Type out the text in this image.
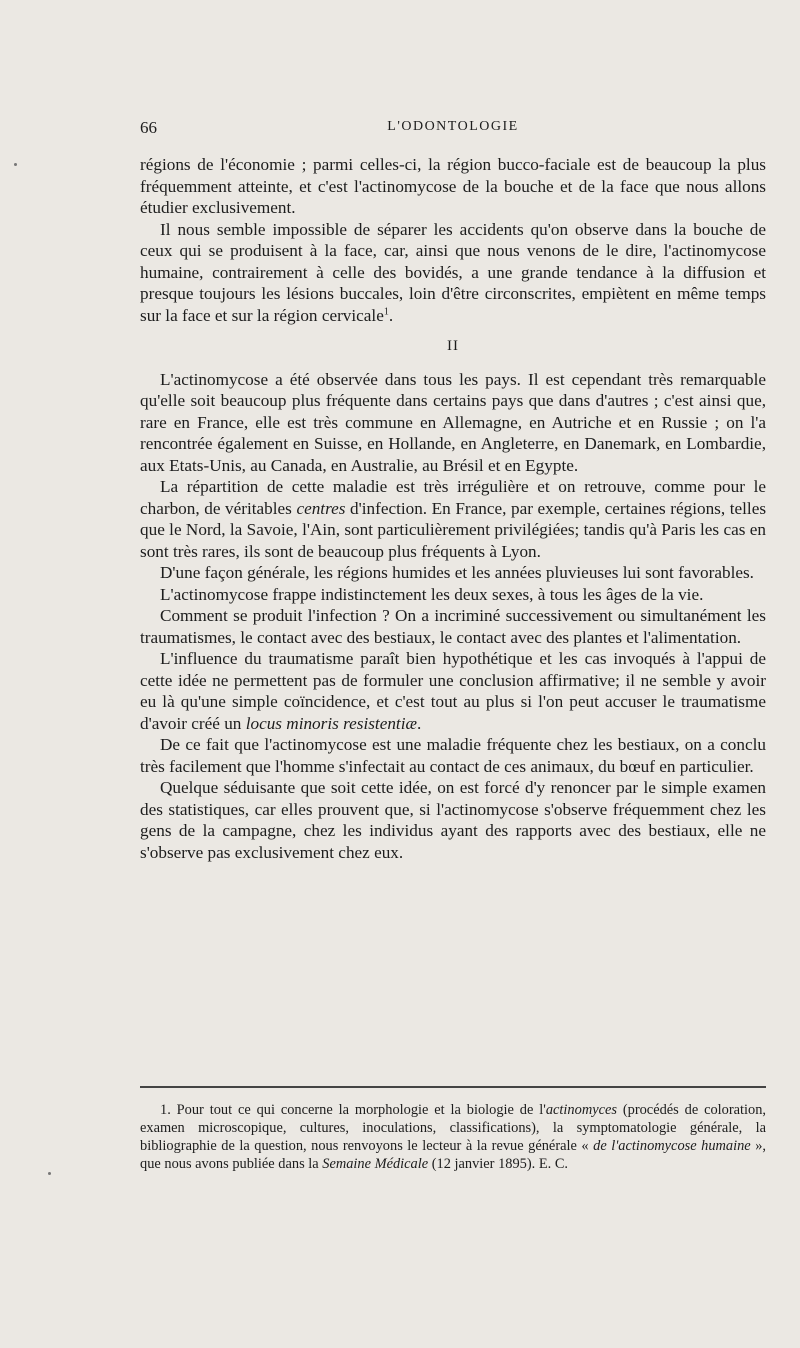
66	L'ODONTOLOGIE

régions de l'économie ; parmi celles-ci, la région bucco-faciale est de beaucoup la plus fréquemment atteinte, et c'est l'actinomycose de la bouche et de la face que nous allons étudier exclusivement.

Il nous semble impossible de séparer les accidents qu'on observe dans la bouche de ceux qui se produisent à la face, car, ainsi que nous venons de le dire, l'actinomycose humaine, contrairement à celle des bovidés, a une grande tendance à la diffusion et presque toujours les lésions buccales, loin d'être circonscrites, empiètent en même temps sur la face et sur la région cervicale$^1$.

II

L'actinomycose a été observée dans tous les pays. Il est cependant très remarquable qu'elle soit beaucoup plus fréquente dans certains pays que dans d'autres ; c'est ainsi que, rare en France, elle est très commune en Allemagne, en Autriche et en Russie ; on l'a rencontrée également en Suisse, en Hollande, en Angleterre, en Danemark, en Lombardie, aux Etats-Unis, au Canada, en Australie, au Brésil et en Egypte.

La répartition de cette maladie est très irrégulière et on retrouve, comme pour le charbon, de véritables centres d'infection. En France, par exemple, certaines régions, telles que le Nord, la Savoie, l'Ain, sont particulièrement privilégiées; tandis qu'à Paris les cas en sont très rares, ils sont de beaucoup plus fréquents à Lyon.

D'une façon générale, les régions humides et les années pluvieuses lui sont favorables.

L'actinomycose frappe indistinctement les deux sexes, à tous les âges de la vie.

Comment se produit l'infection ? On a incriminé successivement ou simultanément les traumatismes, le contact avec des bestiaux, le contact avec des plantes et l'alimentation.

L'influence du traumatisme paraît bien hypothétique et les cas invoqués à l'appui de cette idée ne permettent pas de formuler une conclusion affirmative; il ne semble y avoir eu là qu'une simple coïncidence, et c'est tout au plus si l'on peut accuser le traumatisme d'avoir créé un locus minoris resistentiæ.

De ce fait que l'actinomycose est une maladie fréquente chez les bestiaux, on a conclu très facilement que l'homme s'infectait au contact de ces animaux, du bœuf en particulier.

Quelque séduisante que soit cette idée, on est forcé d'y renoncer par le simple examen des statistiques, car elles prouvent que, si l'actinomycose s'observe fréquemment chez les gens de la campagne, chez les individus ayant des rapports avec des bestiaux, elle ne s'observe pas exclusivement chez eux.

1. Pour tout ce qui concerne la morphologie et la biologie de l'actinomyces (procédés de coloration, examen microscopique, cultures, inoculations, classifications), la symptomatologie générale, la bibliographie de la question, nous renvoyons le lecteur à la revue générale « de l'actinomycose humaine », que nous avons publiée dans la Semaine Médicale (12 janvier 1895). E. C.
